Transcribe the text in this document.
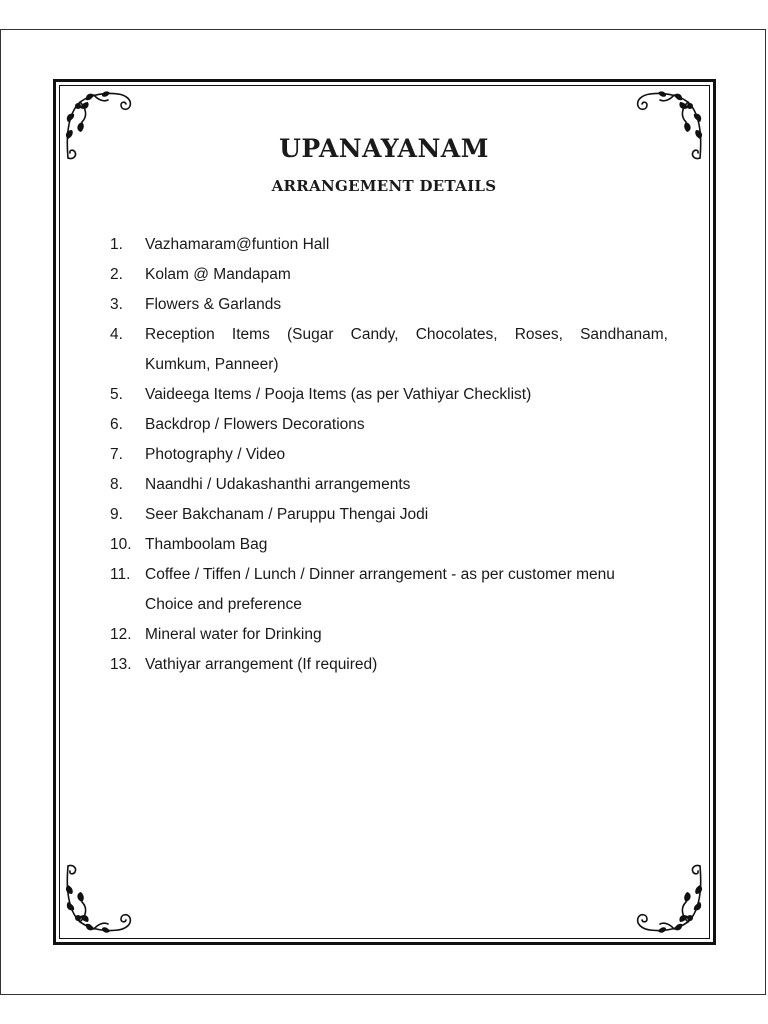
UPANAYANAM
ARRANGEMENT DETAILS
1.	Vazhamaram@funtion Hall
2.	Kolam @ Mandapam
3.	Flowers & Garlands
4.	Reception Items (Sugar Candy, Chocolates, Roses, Sandhanam,
Kumkum, Panneer)
5.	Vaideega Items / Pooja Items (as per Vathiyar Checklist)
6.	Backdrop / Flowers Decorations
7.	Photography / Video
8.	Naandhi / Udakashanthi arrangements
9.	Seer Bakchanam / Paruppu Thengai Jodi
10. Thamboolam Bag
11. Coffee / Tiffen / Lunch / Dinner arrangement - as per customer menu
Choice and preference
12. Mineral water for Drinking
13. Vathiyar arrangement (If required)
